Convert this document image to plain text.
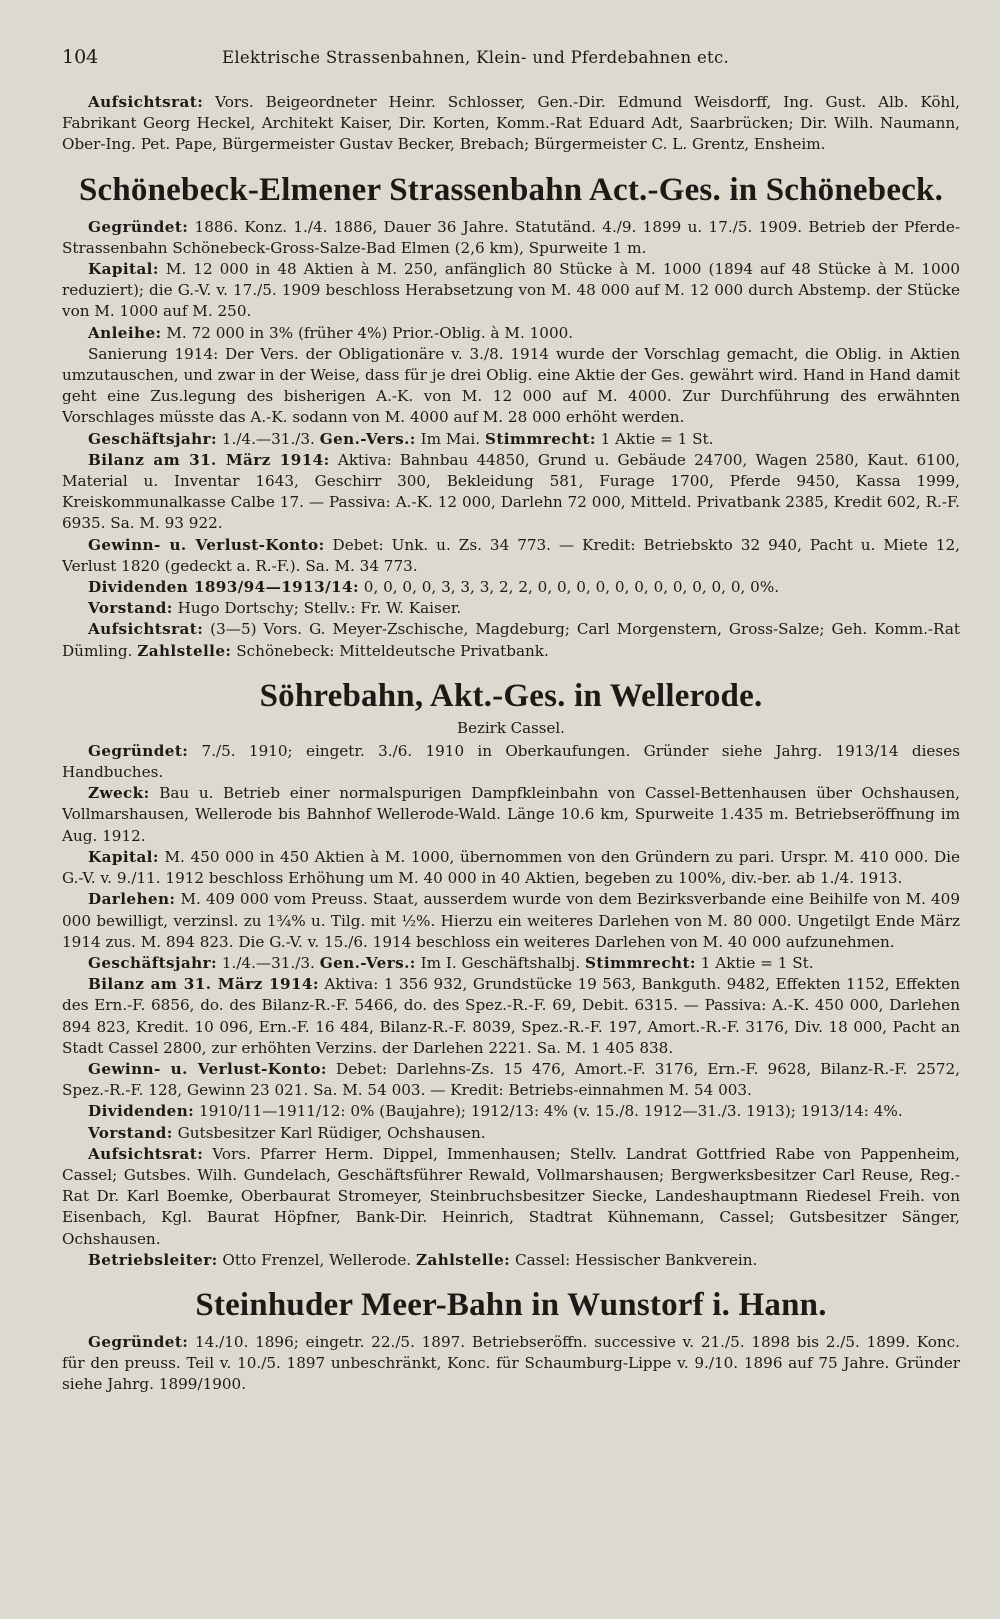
104	Elektrische Strassenbahnen, Klein- und Pferdebahnen etc.

Aufsichtsrat: Vors. Beigeordneter Heinr. Schlosser, Gen.-Dir. Edmund Weisdorff, Ing. Gust. Alb. Köhl, Fabrikant Georg Heckel, Architekt Kaiser, Dir. Korten, Komm.-Rat Eduard Adt, Saarbrücken; Dir. Wilh. Naumann, Ober-Ing. Pet. Pape, Bürgermeister Gustav Becker, Brebach; Bürgermeister C. L. Grentz, Ensheim.

Schönebeck-Elmener Strassenbahn Act.-Ges. in Schönebeck.

Gegründet: 1886. Konz. 1./4. 1886, Dauer 36 Jahre. Statutänd. 4./9. 1899 u. 17./5. 1909. Betrieb der Pferde-Strassenbahn Schönebeck-Gross-Salze-Bad Elmen (2,6 km), Spurweite 1 m.

Kapital: M. 12 000 in 48 Aktien à M. 250, anfänglich 80 Stücke à M. 1000 (1894 auf 48 Stücke à M. 1000 reduziert); die G.-V. v. 17./5. 1909 beschloss Herabsetzung von M. 48 000 auf M. 12 000 durch Abstemp. der Stücke von M. 1000 auf M. 250.

Anleihe: M. 72 000 in 3% (früher 4%) Prior.-Oblig. à M. 1000.

Sanierung 1914: Der Vers. der Obligationäre v. 3./8. 1914 wurde der Vorschlag gemacht, die Oblig. in Aktien umzutauschen, und zwar in der Weise, dass für je drei Oblig. eine Aktie der Ges. gewährt wird. Hand in Hand damit geht eine Zus.legung des bisherigen A.-K. von M. 12 000 auf M. 4000. Zur Durchführung des erwähnten Vorschlages müsste das A.-K. sodann von M. 4000 auf M. 28 000 erhöht werden.

Geschäftsjahr: 1./4.—31./3. Gen.-Vers.: Im Mai. Stimmrecht: 1 Aktie = 1 St.

Bilanz am 31. März 1914: Aktiva: Bahnbau 44850, Grund u. Gebäude 24700, Wagen 2580, Kaut. 6100, Material u. Inventar 1643, Geschirr 300, Bekleidung 581, Furage 1700, Pferde 9450, Kassa 1999, Kreiskommunalkasse Calbe 17. — Passiva: A.-K. 12 000, Darlehn 72 000, Mitteld. Privatbank 2385, Kredit 602, R.-F. 6935. Sa. M. 93 922.

Gewinn- u. Verlust-Konto: Debet: Unk. u. Zs. 34 773. — Kredit: Betriebskto 32 940, Pacht u. Miete 12, Verlust 1820 (gedeckt a. R.-F.). Sa. M. 34 773.

Dividenden 1893/94—1913/14: 0, 0, 0, 0, 3, 3, 3, 2, 2, 0, 0, 0, 0, 0, 0, 0, 0, 0, 0, 0, 0%.

Vorstand: Hugo Dortschy; Stellv.: Fr. W. Kaiser.

Aufsichtsrat: (3—5) Vors. G. Meyer-Zschische, Magdeburg; Carl Morgenstern, Gross-Salze; Geh. Komm.-Rat Dümling. Zahlstelle: Schönebeck: Mitteldeutsche Privatbank.

Söhrebahn, Akt.-Ges. in Wellerode.
Bezirk Cassel.

Gegründet: 7./5. 1910; eingetr. 3./6. 1910 in Oberkaufungen. Gründer siehe Jahrg. 1913/14 dieses Handbuches.

Zweck: Bau u. Betrieb einer normalspurigen Dampfkleinbahn von Cassel-Bettenhausen über Ochshausen, Vollmarshausen, Wellerode bis Bahnhof Wellerode-Wald. Länge 10.6 km, Spurweite 1.435 m. Betriebseröffnung im Aug. 1912.

Kapital: M. 450 000 in 450 Aktien à M. 1000, übernommen von den Gründern zu pari. Urspr. M. 410 000. Die G.-V. v. 9./11. 1912 beschloss Erhöhung um M. 40 000 in 40 Aktien, begeben zu 100%, div.-ber. ab 1./4. 1913.

Darlehen: M. 409 000 vom Preuss. Staat, ausserdem wurde von dem Bezirksverbande eine Beihilfe von M. 409 000 bewilligt, verzinsl. zu 1¾% u. Tilg. mit ½%. Hierzu ein weiteres Darlehen von M. 80 000. Ungetilgt Ende März 1914 zus. M. 894 823. Die G.-V. v. 15./6. 1914 beschloss ein weiteres Darlehen von M. 40 000 aufzunehmen.

Geschäftsjahr: 1./4.—31./3. Gen.-Vers.: Im I. Geschäftshalbj. Stimmrecht: 1 Aktie = 1 St.

Bilanz am 31. März 1914: Aktiva: 1 356 932, Grundstücke 19 563, Bankguth. 9482, Effekten 1152, Effekten des Ern.-F. 6856, do. des Bilanz-R.-F. 5466, do. des Spez.-R.-F. 69, Debit. 6315. — Passiva: A.-K. 450 000, Darlehen 894 823, Kredit. 10 096, Ern.-F. 16 484, Bilanz-R.-F. 8039, Spez.-R.-F. 197, Amort.-R.-F. 3176, Div. 18 000, Pacht an Stadt Cassel 2800, zur erhöhten Verzins. der Darlehen 2221. Sa. M. 1 405 838.

Gewinn- u. Verlust-Konto: Debet: Darlehns-Zs. 15 476, Amort.-F. 3176, Ern.-F. 9628, Bilanz-R.-F. 2572, Spez.-R.-F. 128, Gewinn 23 021. Sa. M. 54 003. — Kredit: Betriebs-einnahmen M. 54 003.

Dividenden: 1910/11—1911/12: 0% (Baujahre); 1912/13: 4% (v. 15./8. 1912—31./3. 1913); 1913/14: 4%.

Vorstand: Gutsbesitzer Karl Rüdiger, Ochshausen.

Aufsichtsrat: Vors. Pfarrer Herm. Dippel, Immenhausen; Stellv. Landrat Gottfried Rabe von Pappenheim, Cassel; Gutsbes. Wilh. Gundelach, Geschäftsführer Rewald, Vollmarshausen; Bergwerksbesitzer Carl Reuse, Reg.-Rat Dr. Karl Boemke, Oberbaurat Stromeyer, Steinbruchsbesitzer Siecke, Landeshauptmann Riedesel Freih. von Eisenbach, Kgl. Baurat Höpfner, Bank-Dir. Heinrich, Stadtrat Kühnemann, Cassel; Gutsbesitzer Sänger, Ochshausen.

Betriebsleiter: Otto Frenzel, Wellerode. Zahlstelle: Cassel: Hessischer Bankverein.

Steinhuder Meer-Bahn in Wunstorf i. Hann.

Gegründet: 14./10. 1896; eingetr. 22./5. 1897. Betriebseröffn. successive v. 21./5. 1898 bis 2./5. 1899. Konc. für den preuss. Teil v. 10./5. 1897 unbeschränkt, Konc. für Schaumburg-Lippe v. 9./10. 1896 auf 75 Jahre. Gründer siehe Jahrg. 1899/1900.
